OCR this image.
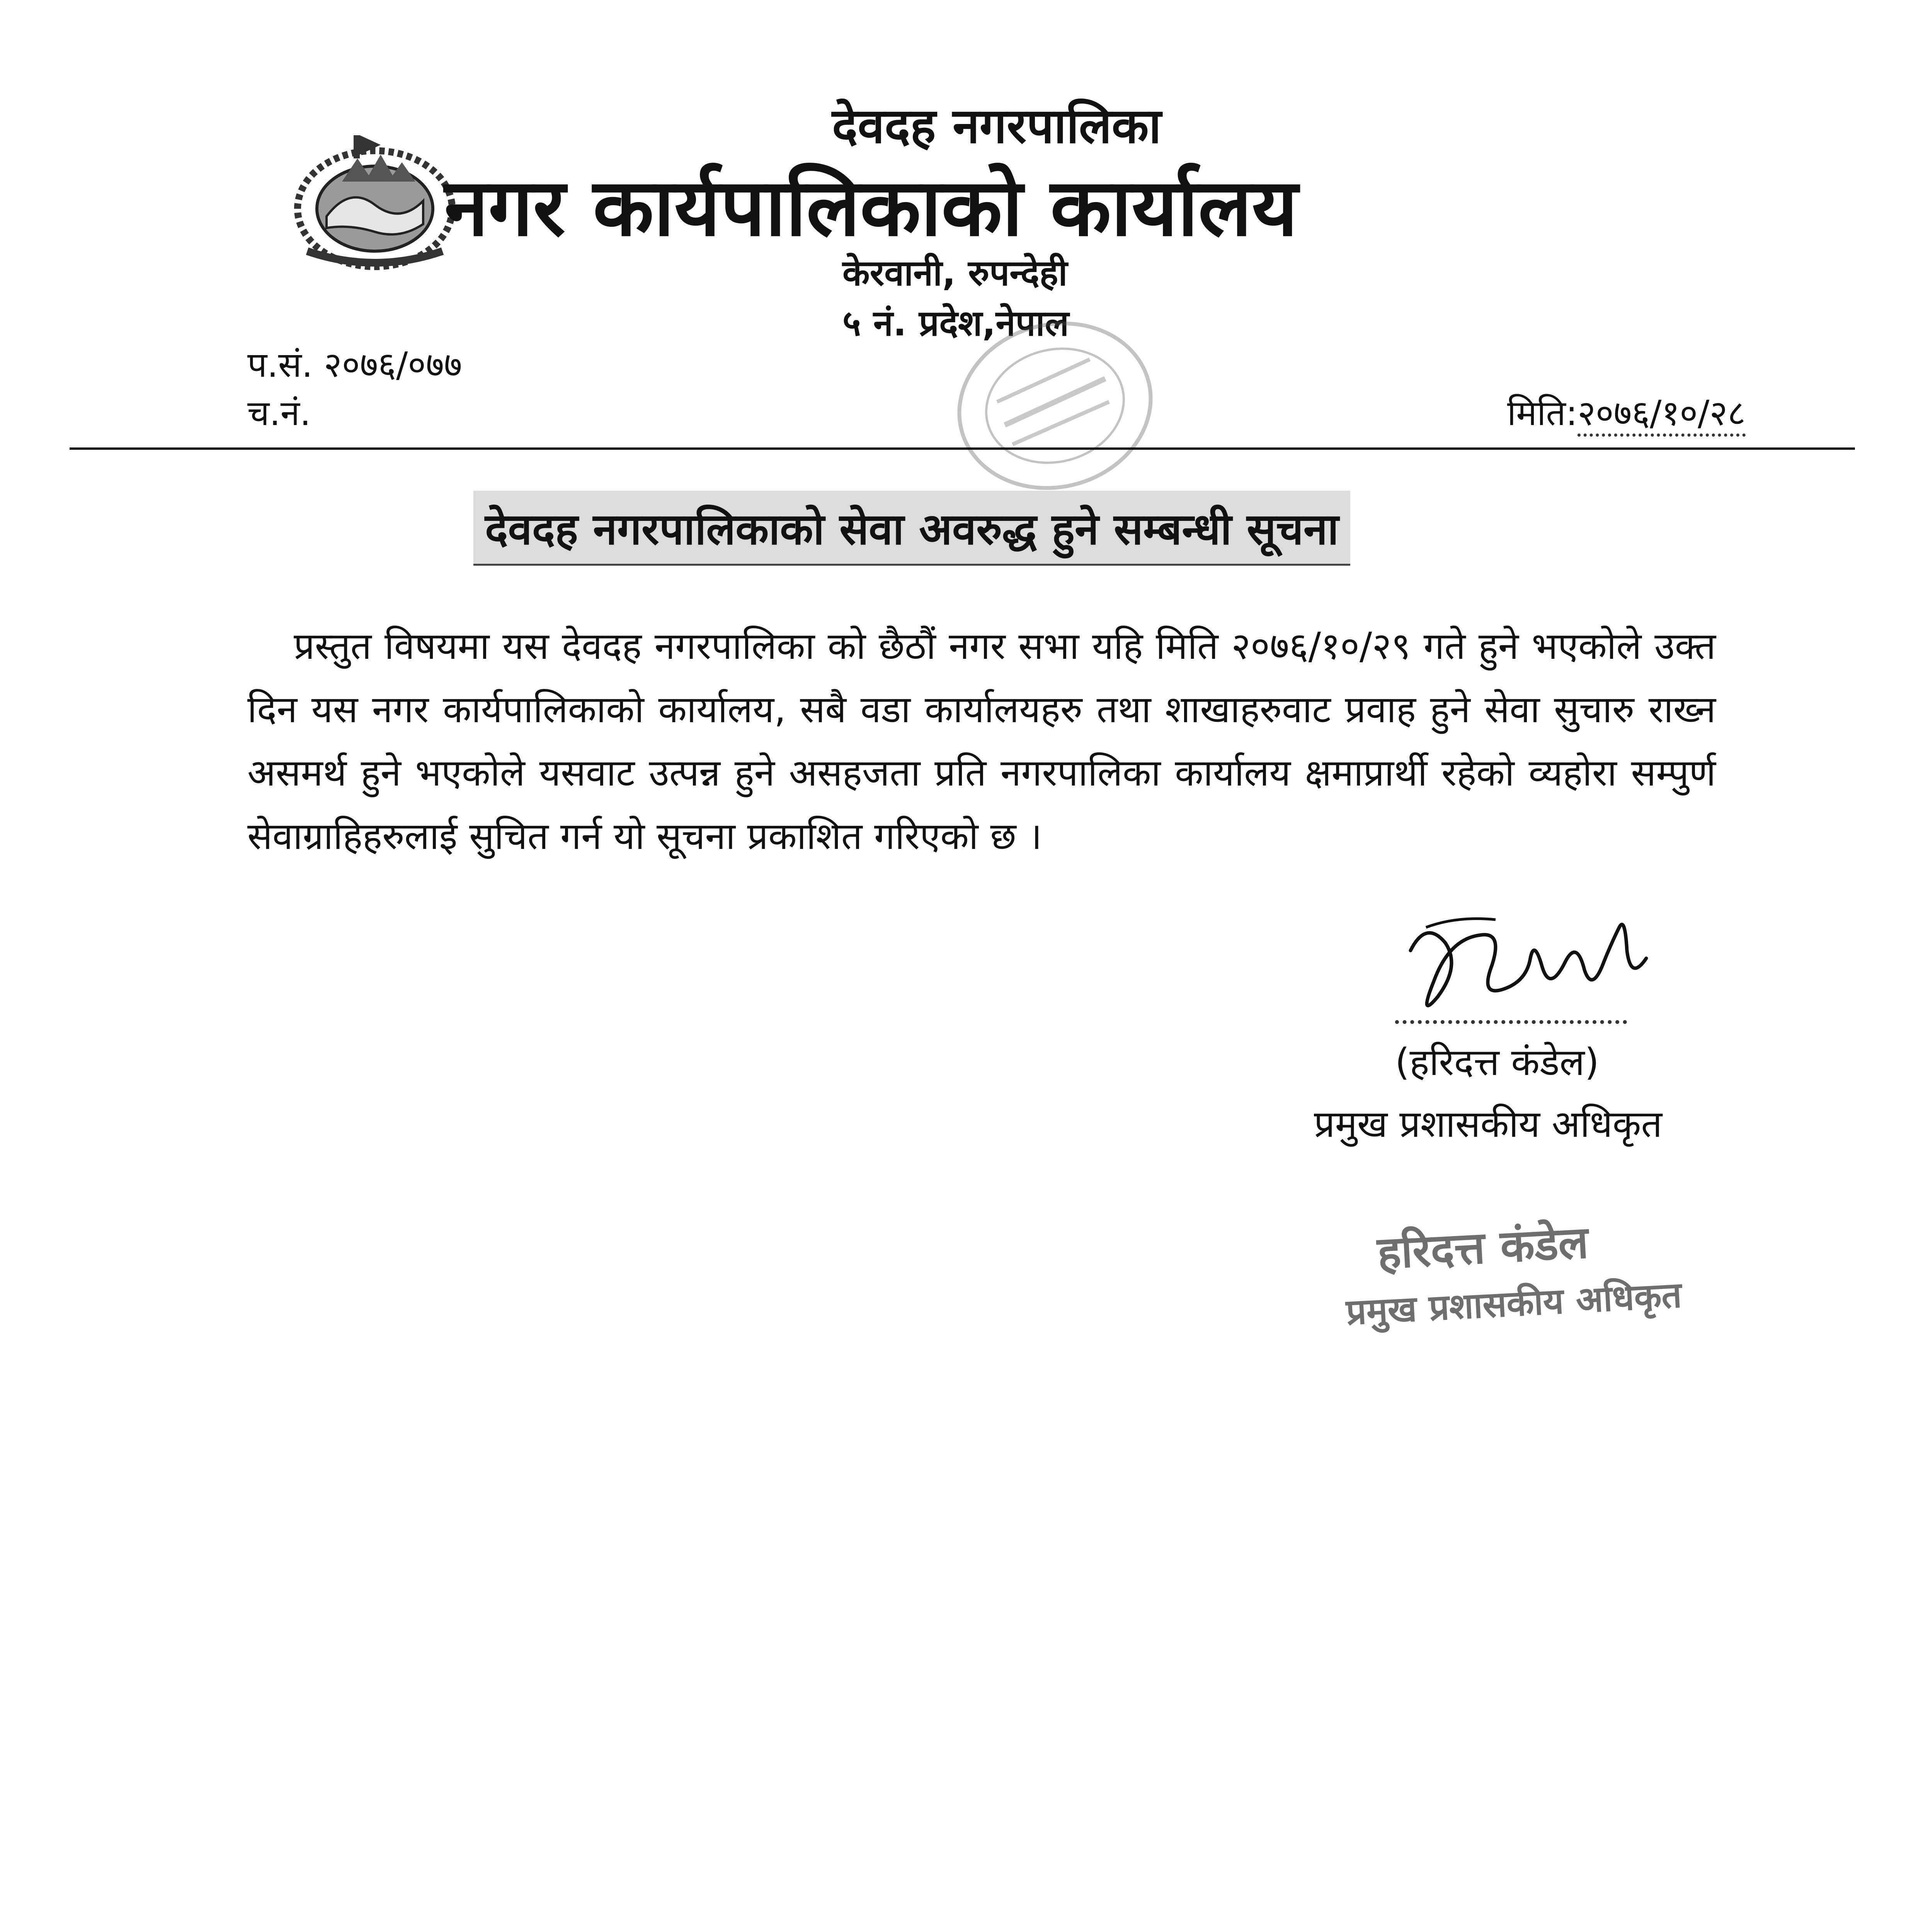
देवदह नगरपालिका
नगर कार्यपालिकाको कार्यालय
केरवानी, रुपन्देही
५ नं. प्रदेश,नेपाल
प.सं. २०७६/०७७
च.नं.	मिति:२०७६/१०/२८
देवदह नगरपालिकाको सेवा अवरुद्ध हुने सम्बन्धी सूचना
प्रस्तुत विषयमा यस देवदह नगरपालिका को छैठौं नगर सभा यहि मिति २०७६/१०/२९ गते हुने भएकोले उक्त दिन यस नगर कार्यपालिकाको कार्यालय, सबै वडा कार्यालयहरु तथा शाखाहरुवाट प्रवाह हुने सेवा सुचारु राख्न असमर्थ हुने भएकोले यसवाट उत्पन्न हुने असहजता प्रति नगरपालिका कार्यालय क्षमाप्रार्थी रहेको व्यहोरा सम्पुर्ण सेवाग्राहिहरुलाई सुचित गर्न यो सूचना प्रकाशित गरिएको छ ।
(हरिदत्त कंडेल)
प्रमुख प्रशासकीय अधिकृत
हरिदत्त कंडेल
प्रमुख प्रशासकीय अधिकृत
